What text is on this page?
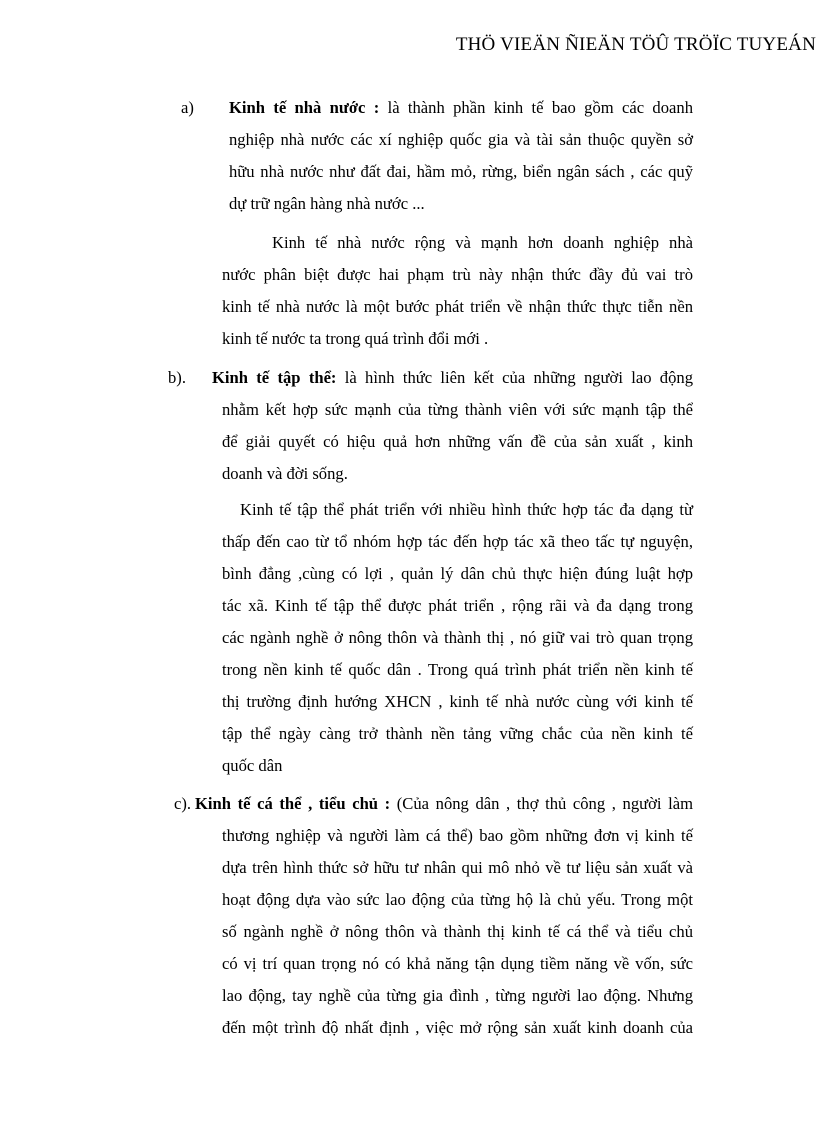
THÖ VIEÄN ÑIEÄN TÖÛ TRÖÏC TUYEÁN
a) Kinh tế nhà nước : là thành phần kinh tế bao gồm các doanh
nghiệp nhà nước các xí nghiệp quốc gia và tài sản thuộc quyền sở
hữu nhà nước như đất đai, hầm mỏ, rừng, biển ngân sách , các quỹ
dự trữ ngân hàng nhà nước ...
Kinh tế nhà nước rộng và mạnh hơn doanh nghiệp nhà
nước phân biệt được hai phạm trù này nhận thức đầy đủ vai trò
kinh tế nhà nước là một bước phát triển về nhận thức thực tiễn nền
kinh tế nước ta trong quá trình đổi mới .
b). Kinh tế tập thể: là hình thức liên kết của những người lao động
nhằm kết hợp sức mạnh của từng thành viên với sức mạnh tập thể
để giải quyết có hiệu quả hơn những vấn đề của sản xuất , kinh
doanh và đời sống.
Kinh tế tập thể phát triển với nhiều hình thức hợp tác đa dạng từ
thấp đến cao từ tổ nhóm hợp tác đến hợp tác xã theo tấc tự nguyện,
bình đẳng ,cùng có lợi , quản lý dân chủ thực hiện đúng luật hợp
tác xã. Kinh tế tập thể được phát triển , rộng rãi và đa dạng trong
các ngành nghề ở nông thôn và thành thị , nó giữ vai trò quan trọng
trong nền kinh tế quốc dân . Trong quá trình phát triển nền kinh tế
thị trường định hướng XHCN , kinh tế nhà nước cùng với kinh tế
tập thể ngày càng trở thành nền tảng vững chắc của nền kinh tế
quốc dân
c). Kinh tế cá thể , tiểu chủ : (Của nông dân , thợ thủ công , người làm
thương nghiệp và người làm cá thể) bao gồm những đơn vị kinh tế
dựa trên hình thức sở hữu tư nhân qui mô nhỏ về tư liệu sản xuất và
hoạt động dựa vào sức lao động của từng hộ là chủ yếu. Trong một
số ngành nghề ở nông thôn và thành thị kinh tế cá thể và tiểu chủ
có vị trí quan trọng nó có khả năng tận dụng tiềm năng về vốn, sức
lao động, tay nghề của từng gia đình , từng người lao động. Nhưng
đến một trình độ nhất định , việc mở rộng sản xuất kinh doanh của
